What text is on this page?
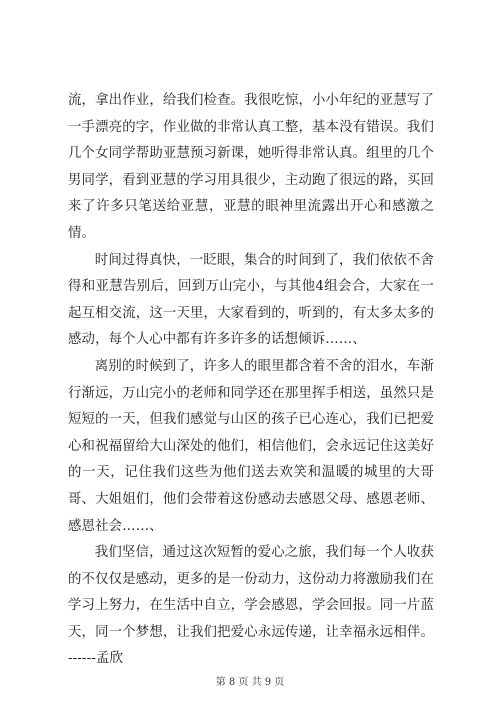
流，拿出作业，给我们检查。我很吃惊，小小年纪的亚慧写了一手漂亮的字，作业做的非常认真工整，基本没有错误。我们几个女同学帮助亚慧预习新课，她听得非常认真。组里的几个男同学，看到亚慧的学习用具很少，主动跑了很远的路，买回来了许多只笔送给亚慧，亚慧的眼神里流露出开心和感激之情。

时间过得真快，一眨眼，集合的时间到了，我们依依不舍得和亚慧告别后，回到万山完小，与其他4组会合，大家在一起互相交流，这一天里，大家看到的，听到的，有太多太多的感动，每个人心中都有许多许多的话想倾诉……、

离别的时候到了，许多人的眼里都含着不舍的泪水，车渐行渐远，万山完小的老师和同学还在那里挥手相送，虽然只是短短的一天，但我们感觉与山区的孩子已心连心，我们已把爱心和祝福留给大山深处的他们，相信他们，会永远记住这美好的一天，记住我们这些为他们送去欢笑和温暖的城里的大哥哥、大姐姐们，他们会带着这份感动去感恩父母、感恩老师、感恩社会……、

我们坚信，通过这次短暂的爱心之旅，我们每一个人收获的不仅仅是感动，更多的是一份动力，这份动力将激励我们在学习上努力，在生活中自立，学会感恩，学会回报。同一片蓝天，同一个梦想，让我们把爱心永远传递，让幸福永远相伴。------孟欣

第 8 页 共 9 页
